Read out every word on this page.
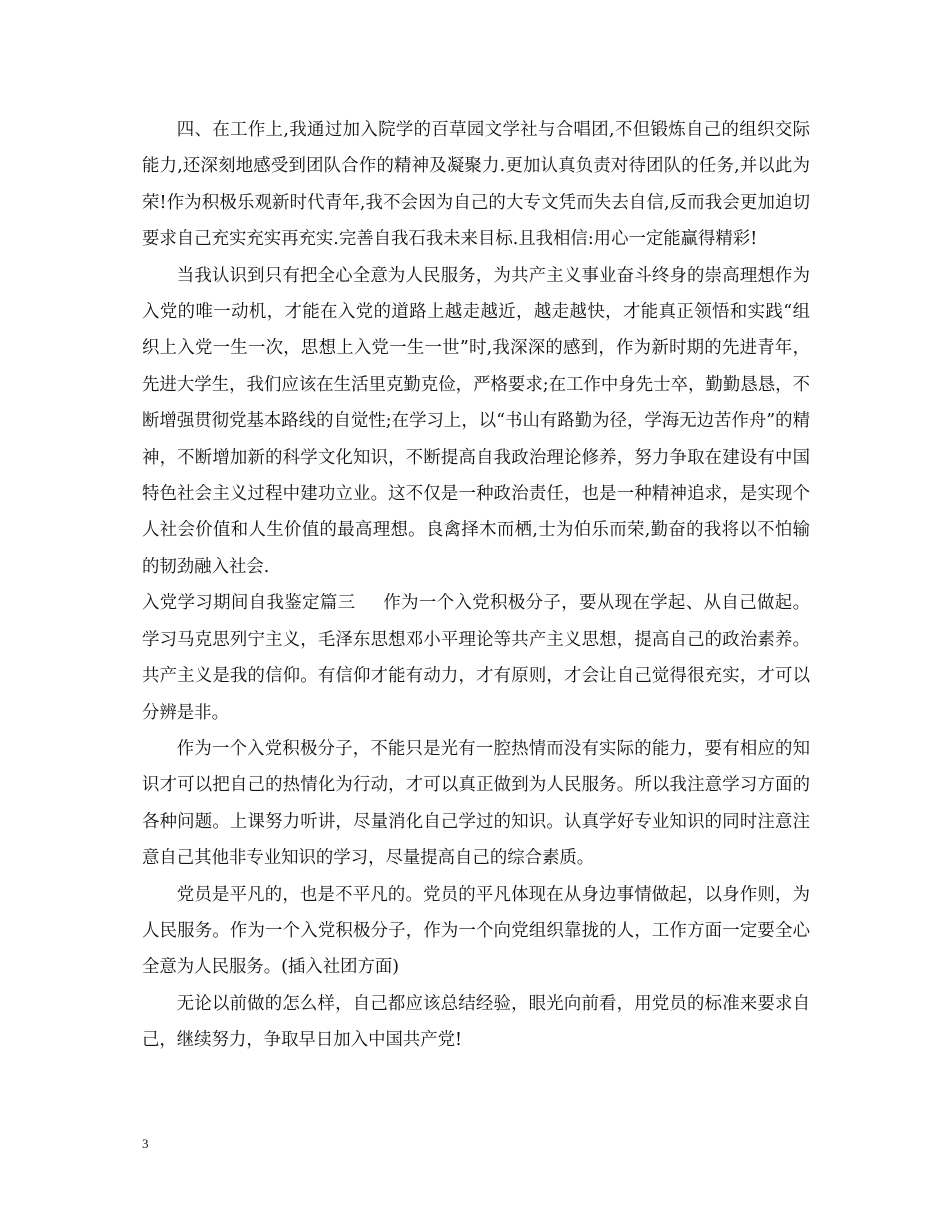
四、在工作上,我通过加入院学的百草园文学社与合唱团,不但锻炼自己的组织交际能力,还深刻地感受到团队合作的精神及凝聚力.更加认真负责对待团队的任务,并以此为荣!作为积极乐观新时代青年,我不会因为自己的大专文凭而失去自信,反而我会更加迫切要求自己充实充实再充实.完善自我石我未来目标.且我相信:用心一定能赢得精彩!

当我认识到只有把全心全意为人民服务，为共产主义事业奋斗终身的崇高理想作为入党的唯一动机，才能在入党的道路上越走越近，越走越快，才能真正领悟和实践“组织上入党一生一次，思想上入党一生一世”时,我深深的感到，作为新时期的先进青年，先进大学生，我们应该在生活里克勤克俭，严格要求;在工作中身先士卒，勤勤恳恳，不断增强贯彻党基本路线的自觉性;在学习上，以“书山有路勤为径，学海无边苦作舟”的精神，不断增加新的科学文化知识，不断提高自我政治理论修养，努力争取在建设有中国特色社会主义过程中建功立业。这不仅是一种政治责任，也是一种精神追求，是实现个人社会价值和人生价值的最高理想。良禽择木而栖,士为伯乐而荣,勤奋的我将以不怕输的韧劲融入社会.

入党学习期间自我鉴定篇三 作为一个入党积极分子，要从现在学起、从自己做起。学习马克思列宁主义，毛泽东思想邓小平理论等共产主义思想，提高自己的政治素养。 共产主义是我的信仰。有信仰才能有动力，才有原则，才会让自己觉得很充实，才可以分辨是非。

作为一个入党积极分子，不能只是光有一腔热情而没有实际的能力，要有相应的知识才可以把自己的热情化为行动，才可以真正做到为人民服务。所以我注意学习方面的各种问题。上课努力听讲，尽量消化自己学过的知识。认真学好专业知识的同时注意注意自己其他非专业知识的学习，尽量提高自己的综合素质。

党员是平凡的，也是不平凡的。党员的平凡体现在从身边事情做起，以身作则，为人民服务。作为一个入党积极分子，作为一个向党组织靠拢的人，工作方面一定要全心全意为人民服务。(插入社团方面)

无论以前做的怎么样，自己都应该总结经验，眼光向前看，用党员的标准来要求自己，继续努力，争取早日加入中国共产党!

3
